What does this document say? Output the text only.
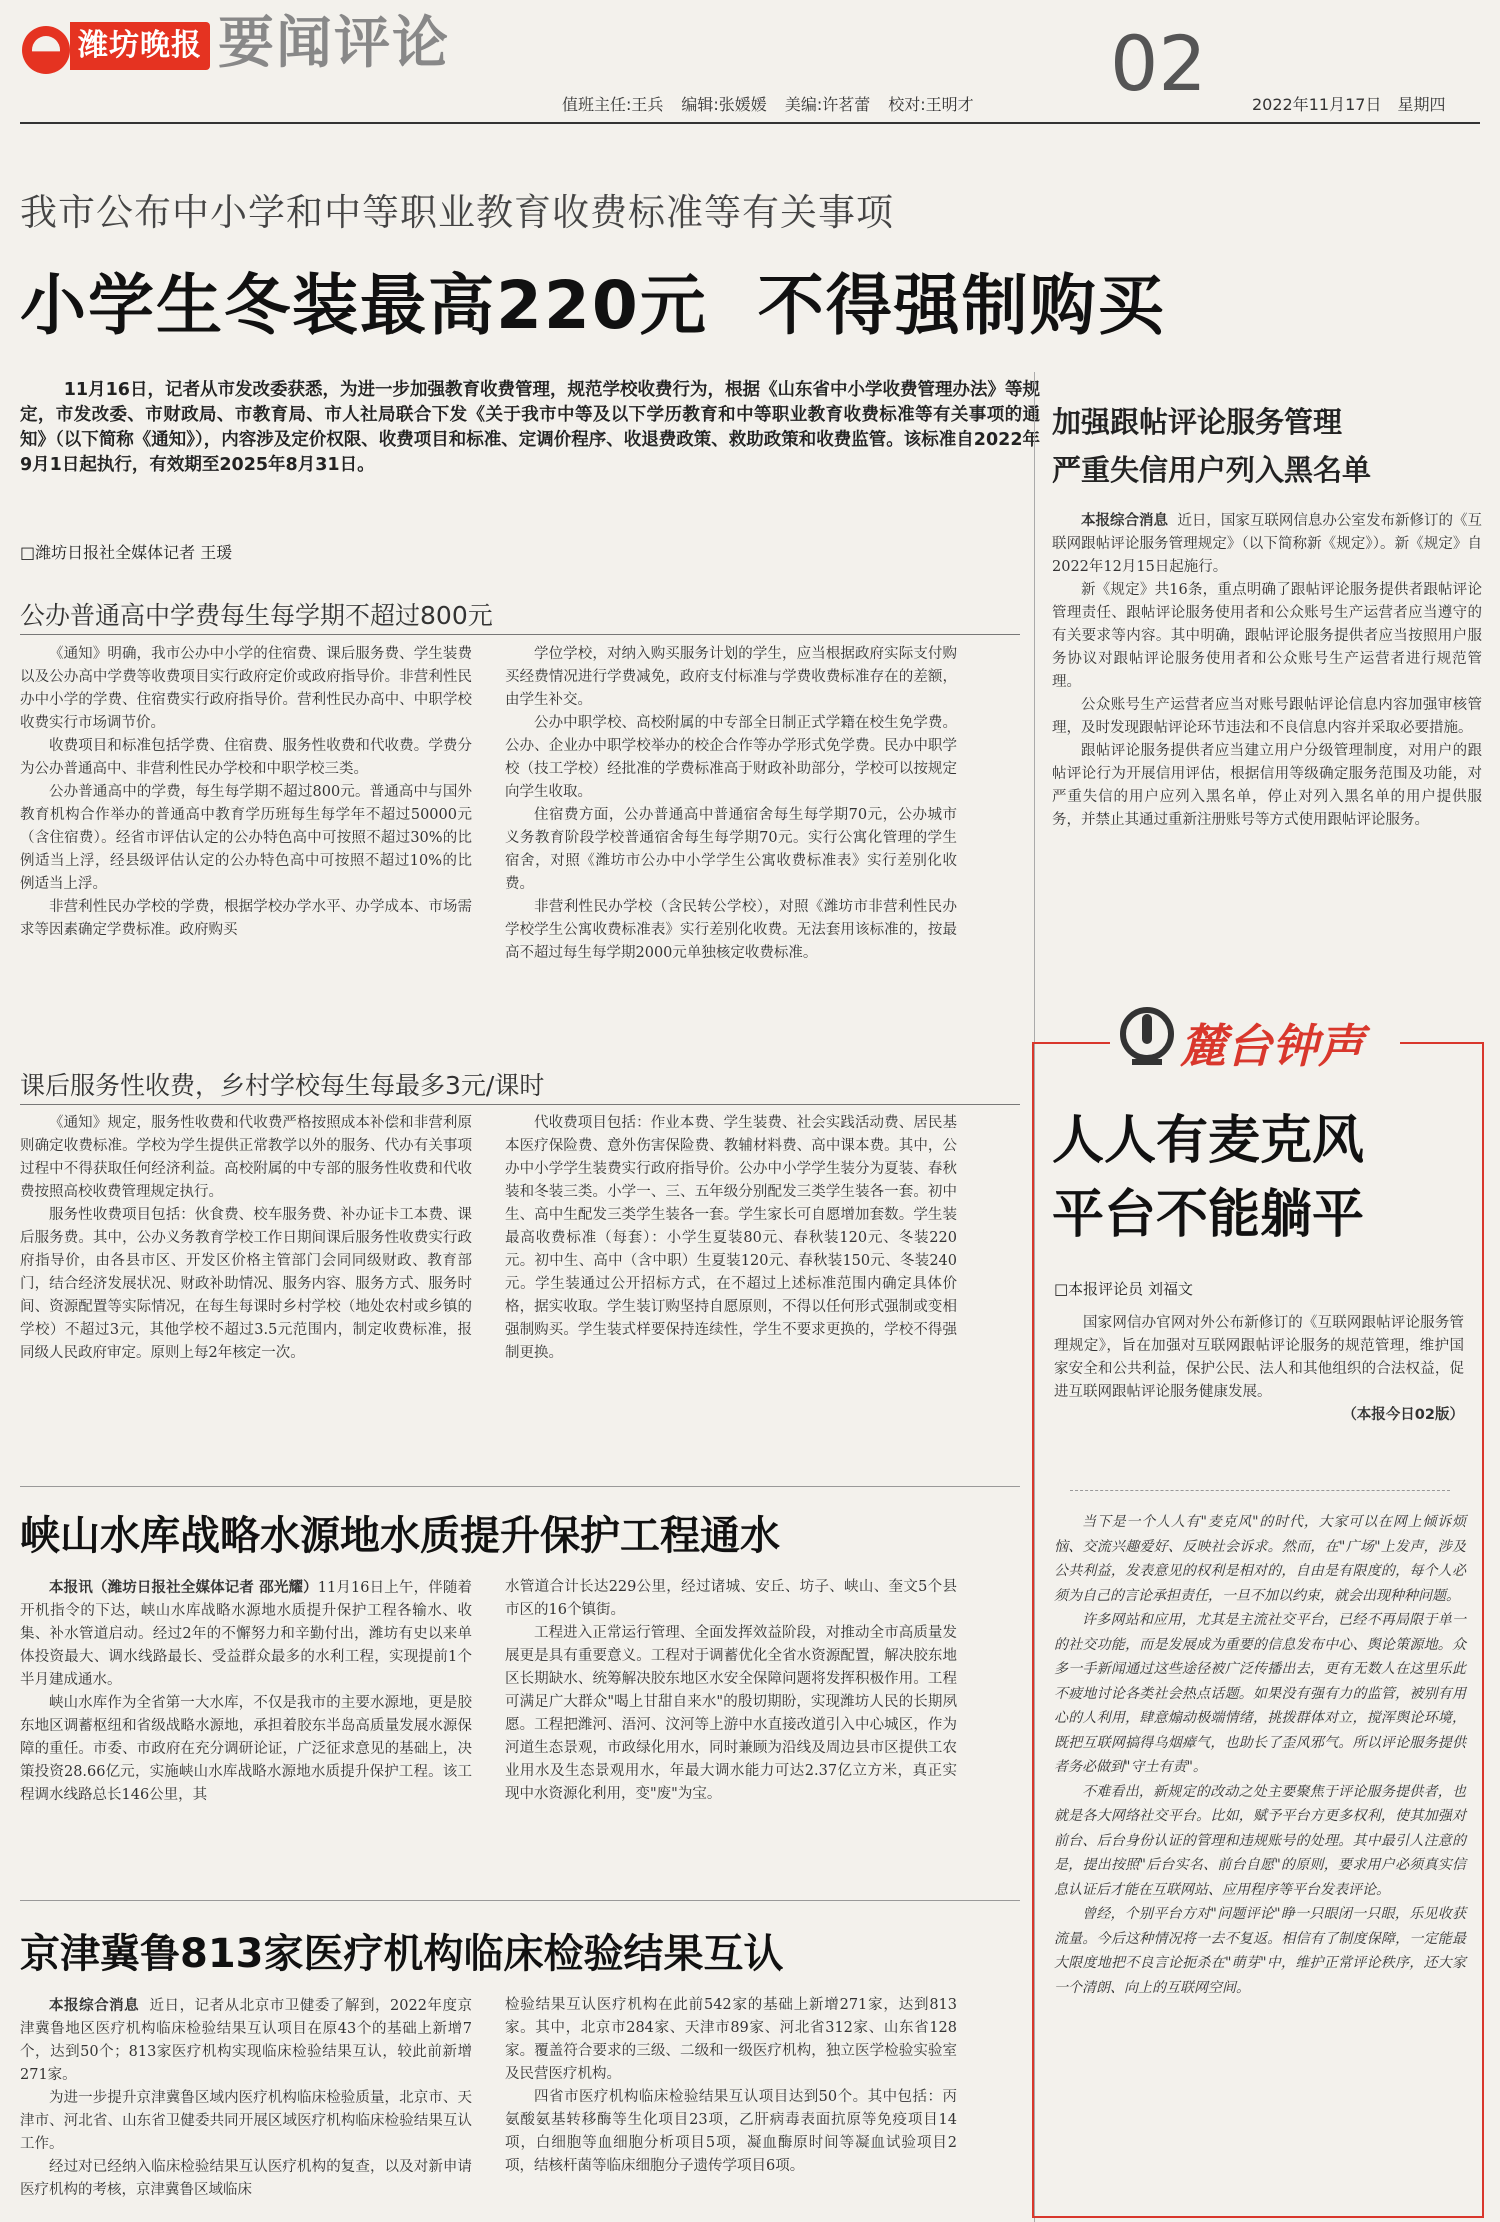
潍坊晚报 要闻评论	02
值班主任:王兵 编辑:张媛媛 美编:许茗蕾 校对:王明才	2022年11月17日 星期四
我市公布中小学和中等职业教育收费标准等有关事项
小学生冬装最高220元  不得强制购买
11月16日，记者从市发改委获悉，为进一步加强教育收费管理，规范学校收费行为，根据《山东省中小学收费管理办法》等规定，市发改委、市财政局、市教育局、市人社局联合下发《关于我市中等及以下学历教育和中等职业教育收费标准等有关事项的通知》（以下简称《通知》），内容涉及定价权限、收费项目和标准、定调价程序、收退费政策、救助政策和收费监管。该标准自2022年9月1日起执行，有效期至2025年8月31日。
□潍坊日报社全媒体记者 王瑗
公办普通高中学费每生每学期不超过800元

《通知》明确，我市公办中小学的住宿费、课后服务费、学生装费以及公办高中学费等收费项目实行政府定价或政府指导价。非营利性民办中小学的学费、住宿费实行政府指导价。营利性民办高中、中职学校收费实行市场调节价。

收费项目和标准包括学费、住宿费、服务性收费和代收费。学费分为公办普通高中、非营利性民办学校和中职学校三类。

公办普通高中的学费，每生每学期不超过800元。普通高中与国外教育机构合作举办的普通高中教育学历班每生每学年不超过50000元（含住宿费）。经省市评估认定的公办特色高中可按照不超过30%的比例适当上浮，经县级评估认定的公办特色高中可按照不超过10%的比例适当上浮。

非营利性民办学校的学费，根据学校办学水平、办学成本、市场需求等因素确定学费标准。政府购买

学位学校，对纳入购买服务计划的学生，应当根据政府实际支付购买经费情况进行学费减免，政府支付标准与学费收费标准存在的差额，由学生补交。

公办中职学校、高校附属的中专部全日制正式学籍在校生免学费。公办、企业办中职学校举办的校企合作等办学形式免学费。民办中职学校（技工学校）经批准的学费标准高于财政补助部分，学校可以按规定向学生收取。

住宿费方面，公办普通高中普通宿舍每生每学期70元，公办城市义务教育阶段学校普通宿舍每生每学期70元。实行公寓化管理的学生宿舍，对照《潍坊市公办中小学学生公寓收费标准表》实行差别化收费。

非营利性民办学校（含民转公学校），对照《潍坊市非营利性民办学校学生公寓收费标准表》实行差别化收费。无法套用该标准的，按最高不超过每生每学期2000元单独核定收费标准。

课后服务性收费，乡村学校每生每最多3元/课时

《通知》规定，服务性收费和代收费严格按照成本补偿和非营利原则确定收费标准。学校为学生提供正常教学以外的服务、代办有关事项过程中不得获取任何经济利益。高校附属的中专部的服务性收费和代收费按照高校收费管理规定执行。

服务性收费项目包括：伙食费、校车服务费、补办证卡工本费、课后服务费。其中，公办义务教育学校工作日期间课后服务性收费实行政府指导价，由各县市区、开发区价格主管部门会同同级财政、教育部门，结合经济发展状况、财政补助情况、服务内容、服务方式、服务时间、资源配置等实际情况，在每生每课时乡村学校（地处农村或乡镇的学校）不超过3元，其他学校不超过3.5元范围内，制定收费标准，报同级人民政府审定。原则上每2年核定一次。

代收费项目包括：作业本费、学生装费、社会实践活动费、居民基本医疗保险费、意外伤害保险费、教辅材料费、高中课本费。其中，公办中小学学生装费实行政府指导价。公办中小学学生装分为夏装、春秋装和冬装三类。小学一、三、五年级分别配发三类学生装各一套。初中生、高中生配发三类学生装各一套。学生家长可自愿增加套数。学生装最高收费标准（每套）：小学生夏装80元、春秋装120元、冬装220元。初中生、高中（含中职）生夏装120元、春秋装150元、冬装240元。学生装通过公开招标方式，在不超过上述标准范围内确定具体价格，据实收取。学生装订购坚持自愿原则，不得以任何形式强制或变相强制购买。学生装式样要保持连续性，学生不要求更换的，学校不得强制更换。

峡山水库战略水源地水质提升保护工程通水

本报讯（潍坊日报社全媒体记者 邵光耀）11月16日上午，伴随着开机指令的下达，峡山水库战略水源地水质提升保护工程各输水、收集、补水管道启动。经过2年的不懈努力和辛勤付出，潍坊有史以来单体投资最大、调水线路最长、受益群众最多的水利工程，实现提前1个半月建成通水。

峡山水库作为全省第一大水库，不仅是我市的主要水源地，更是胶东地区调蓄枢纽和省级战略水源地，承担着胶东半岛高质量发展水源保障的重任。市委、市政府在充分调研论证，广泛征求意见的基础上，决策投资28.66亿元，实施峡山水库战略水源地水质提升保护工程。该工程调水线路总长146公里，其

水管道合计长达229公里，经过诸城、安丘、坊子、峡山、奎文5个县市区的16个镇街。

工程进入正常运行管理、全面发挥效益阶段，对推动全市高质量发展更是具有重要意义。工程对于调蓄优化全省水资源配置，解决胶东地区长期缺水、统筹解决胶东地区水安全保障问题将发挥积极作用。工程可满足广大群众"喝上甘甜自来水"的殷切期盼，实现潍坊人民的长期夙愿。工程把潍河、浯河、汶河等上游中水直接改道引入中心城区，作为河道生态景观，市政绿化用水，同时兼顾为沿线及周边县市区提供工农业用水及生态景观用水，年最大调水能力可达2.37亿立方米，真正实现中水资源化利用，变"废"为宝。

京津冀鲁813家医疗机构临床检验结果互认

本报综合消息 近日，记者从北京市卫健委了解到，2022年度京津冀鲁地区医疗机构临床检验结果互认项目在原43个的基础上新增7个，达到50个；813家医疗机构实现临床检验结果互认，较此前新增271家。

为进一步提升京津冀鲁区域内医疗机构临床检验质量，北京市、天津市、河北省、山东省卫健委共同开展区域医疗机构临床检验结果互认工作。

经过对已经纳入临床检验结果互认医疗机构的复查，以及对新申请医疗机构的考核，京津冀鲁区域临床

检验结果互认医疗机构在此前542家的基础上新增271家，达到813家。其中，北京市284家、天津市89家、河北省312家、山东省128家。覆盖符合要求的三级、二级和一级医疗机构，独立医学检验实验室及民营医疗机构。

四省市医疗机构临床检验结果互认项目达到50个。其中包括：丙氨酸氨基转移酶等生化项目23项，乙肝病毒表面抗原等免疫项目14项，白细胞等血细胞分析项目5项，凝血酶原时间等凝血试验项目2项，结核杆菌等临床细胞分子遗传学项目6项。

加强跟帖评论服务管理
严重失信用户列入黑名单

本报综合消息 近日，国家互联网信息办公室发布新修订的《互联网跟帖评论服务管理规定》（以下简称新《规定》）。新《规定》自2022年12月15日起施行。

新《规定》共16条，重点明确了跟帖评论服务提供者跟帖评论管理责任、跟帖评论服务使用者和公众账号生产运营者应当遵守的有关要求等内容。其中明确，跟帖评论服务提供者应当按照用户服务协议对跟帖评论服务使用者和公众账号生产运营者进行规范管理。

公众账号生产运营者应当对账号跟帖评论信息内容加强审核管理，及时发现跟帖评论环节违法和不良信息内容并采取必要措施。

跟帖评论服务提供者应当建立用户分级管理制度，对用户的跟帖评论行为开展信用评估，根据信用等级确定服务范围及功能，对严重失信的用户应列入黑名单，停止对列入黑名单的用户提供服务，并禁止其通过重新注册账号等方式使用跟帖评论服务。

麓台钟声
人人有麦克风
平台不能躺平
□本报评论员 刘福文

国家网信办官网对外公布新修订的《互联网跟帖评论服务管理规定》，旨在加强对互联网跟帖评论服务的规范管理，维护国家安全和公共利益，保护公民、法人和其他组织的合法权益，促进互联网跟帖评论服务健康发展。

（本报今日02版）

当下是一个人人有"麦克风"的时代，大家可以在网上倾诉烦恼、交流兴趣爱好、反映社会诉求。然而，在"广场"上发声，涉及公共利益，发表意见的权利是相对的，自由是有限度的，每个人必须为自己的言论承担责任，一旦不加以约束，就会出现种种问题。

许多网站和应用，尤其是主流社交平台，已经不再局限于单一的社交功能，而是发展成为重要的信息发布中心、舆论策源地。众多一手新闻通过这些途径被广泛传播出去，更有无数人在这里乐此不疲地讨论各类社会热点话题。如果没有强有力的监管，被别有用心的人利用，肆意煽动极端情绪，挑拨群体对立，搅浑舆论环境，既把互联网搞得乌烟瘴气，也助长了歪风邪气。所以评论服务提供者务必做到"守土有责"。

不难看出，新规定的改动之处主要聚焦于评论服务提供者，也就是各大网络社交平台。比如，赋予平台方更多权利，使其加强对前台、后台身份认证的管理和违规账号的处理。其中最引人注意的是，提出按照"后台实名、前台自愿"的原则，要求用户必须真实信息认证后才能在互联网站、应用程序等平台发表评论。

曾经，个别平台方对"问题评论"睁一只眼闭一只眼，乐见收获流量。今后这种情况将一去不复返。相信有了制度保障，一定能最大限度地把不良言论扼杀在"萌芽"中，维护正常评论秩序，还大家一个清朗、向上的互联网空间。
